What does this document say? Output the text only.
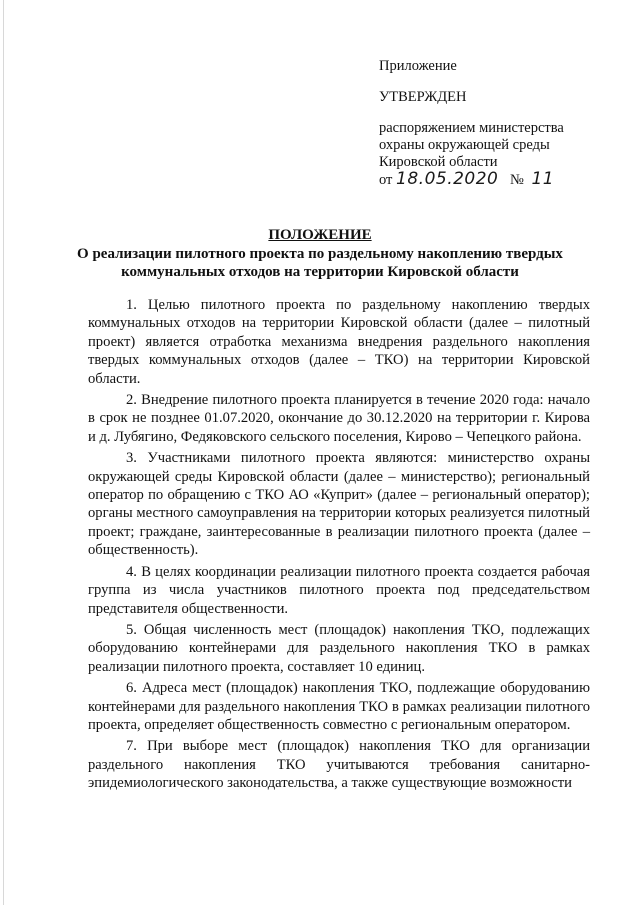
Приложение
УТВЕРЖДЕН
распоряжением министерства
охраны окружающей среды
Кировской области
от 18.05.2020 № 11
ПОЛОЖЕНИЕ
О реализации пилотного проекта по раздельному накоплению твердых
коммунальных отходов на территории Кировской области

1. Целью пилотного проекта по раздельному накоплению твердых коммунальных отходов на территории Кировской области (далее – пилотный проект) является отработка механизма внедрения раздельного накопления твердых коммунальных отходов (далее – ТКО) на территории Кировской области.

2. Внедрение пилотного проекта планируется в течение 2020 года: начало в срок не позднее 01.07.2020, окончание до 30.12.2020 на территории г. Кирова и д. Лубягино, Федяковского сельского поселения, Кирово – Чепецкого района.

3. Участниками пилотного проекта являются: министерство охраны окружающей среды Кировской области (далее – министерство); региональный оператор по обращению с ТКО АО «Куприт» (далее – региональный оператор); органы местного самоуправления на территории которых реализуется пилотный проект; граждане, заинтересованные в реализации пилотного проекта (далее – общественность).

4. В целях координации реализации пилотного проекта создается рабочая группа из числа участников пилотного проекта под председательством представителя общественности.

5. Общая численность мест (площадок) накопления ТКО, подлежащих оборудованию контейнерами для раздельного накопления ТКО в рамках реализации пилотного проекта, составляет 10 единиц.

6. Адреса мест (площадок) накопления ТКО, подлежащие оборудованию контейнерами для раздельного накопления ТКО в рамках реализации пилотного проекта, определяет общественность совместно с региональным оператором.

7. При выборе мест (площадок) накопления ТКО для организации раздельного накопления ТКО учитываются требования санитарно-эпидемиологического законодательства, а также существующие возможности
